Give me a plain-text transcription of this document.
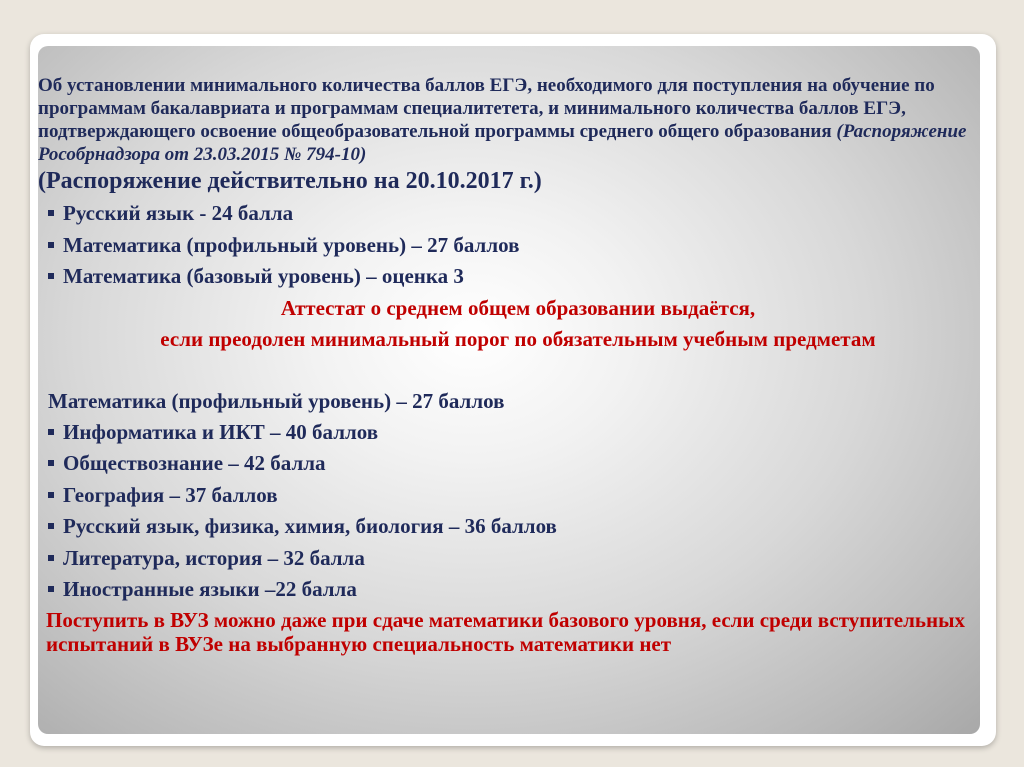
Об установлении минимального количества баллов ЕГЭ, необходимого для поступления на обучение по программам бакалавриата и программам специалитетета, и минимального количества баллов ЕГЭ, подтверждающего освоение общеобразовательной программы среднего общего образования (Распоряжение Рособрнадзора от 23.03.2015 № 794-10)

(Распоряжение действительно на 20.10.2017 г.)

Русский язык - 24 балла
Математика (профильный уровень) – 27 баллов
Математика (базовый уровень) – оценка 3

Аттестат о среднем общем образовании выдаётся,

если преодолен минимальный порог по обязательным учебным предметам

Математика (профильный уровень) – 27 баллов

Информатика и ИКТ – 40 баллов
Обществознание – 42 балла
География – 37 баллов
Русский язык, физика, химия, биология – 36 баллов
Литература, история – 32 балла
Иностранные языки –22 балла

Поступить в ВУЗ можно даже при сдаче математики базового уровня, если среди вступительных испытаний в ВУЗе на выбранную специальность математики нет
